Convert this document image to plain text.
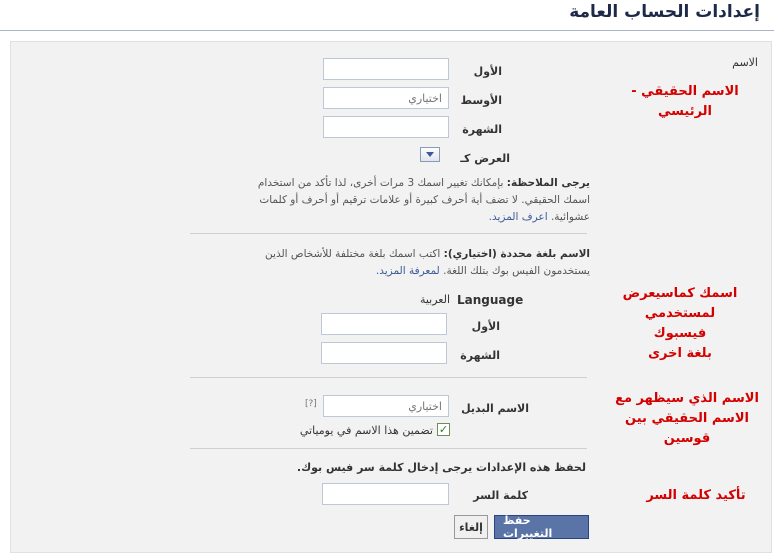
إعدادات الحساب العامة
الاسم
الأول
الأوسط
اختياري
الشهرة
العرض كـ
يرجى الملاحظة: بإمكانك تغيير اسمك 3 مرات أخرى، لذا تأكد من استخدام
اسمك الحقيقي. لا تضف أية أحرف كبيرة أو علامات ترقيم أو أحرف أو كلمات
عشوائية. اعرف المزيد.
الاسم بلغة محددة (اختياري): اكتب اسمك بلغة مختلفة للأشخاص الذين
يستخدمون الفيس بوك بتلك اللغة. لمعرفة المزيد.
Language
العربية
الأول
الشهرة
الاسم البديل
[?]
اختياري
✓
تضمين هذا الاسم في يومياتي
لحفظ هذه الإعدادات يرجى إدخال كلمة سر فيس بوك.
كلمة السر
حفظ التغييرات
إلغاء
الاسم الحقيقي - الرئيسي
اسمك كماسيعرض
لمستخدمي فيسبوك
بلغة اخرى
الاسم الذي سيظهر مع
الاسم الحقيقي بين قوسين
تأكيد كلمة السر
